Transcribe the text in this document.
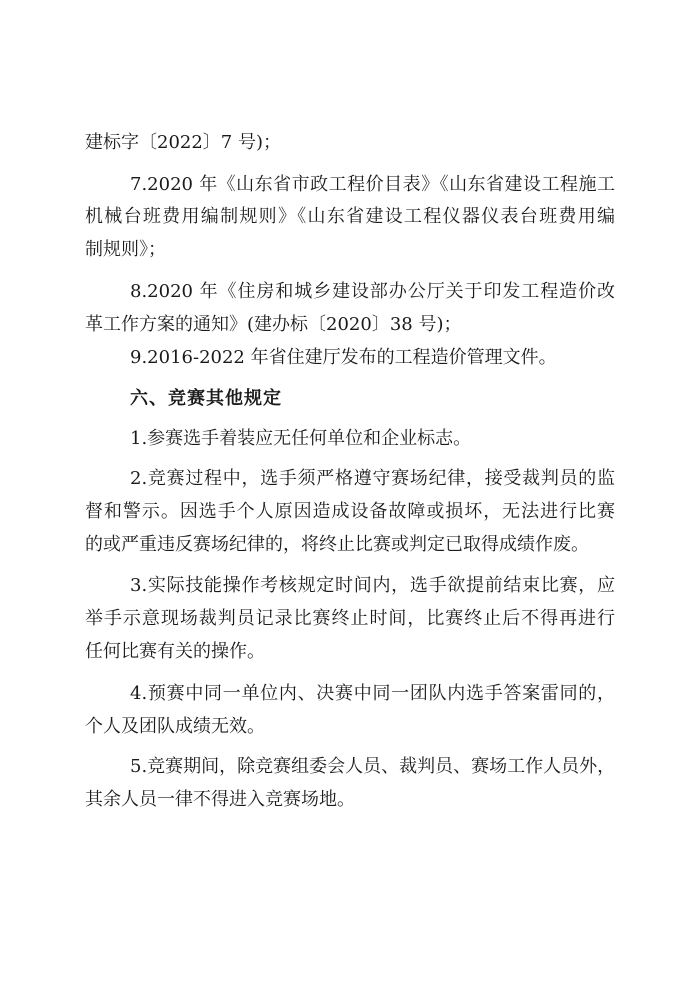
建标字〔2022〕7 号)；
7.2020 年《山东省市政工程价目表》《山东省建设工程施工
机械台班费用编制规则》《山东省建设工程仪器仪表台班费用编
制规则》；
8.2020 年《住房和城乡建设部办公厅关于印发工程造价改
革工作方案的通知》(建办标〔2020〕38 号)；
9.2016-2022 年省住建厅发布的工程造价管理文件。
六、竞赛其他规定
1.参赛选手着装应无任何单位和企业标志。
2.竞赛过程中，选手须严格遵守赛场纪律，接受裁判员的监
督和警示。因选手个人原因造成设备故障或损坏，无法进行比赛
的或严重违反赛场纪律的，将终止比赛或判定已取得成绩作废。
3.实际技能操作考核规定时间内，选手欲提前结束比赛，应
举手示意现场裁判员记录比赛终止时间，比赛终止后不得再进行
任何比赛有关的操作。
4.预赛中同一单位内、决赛中同一团队内选手答案雷同的，
个人及团队成绩无效。
5.竞赛期间，除竞赛组委会人员、裁判员、赛场工作人员外，
其余人员一律不得进入竞赛场地。
